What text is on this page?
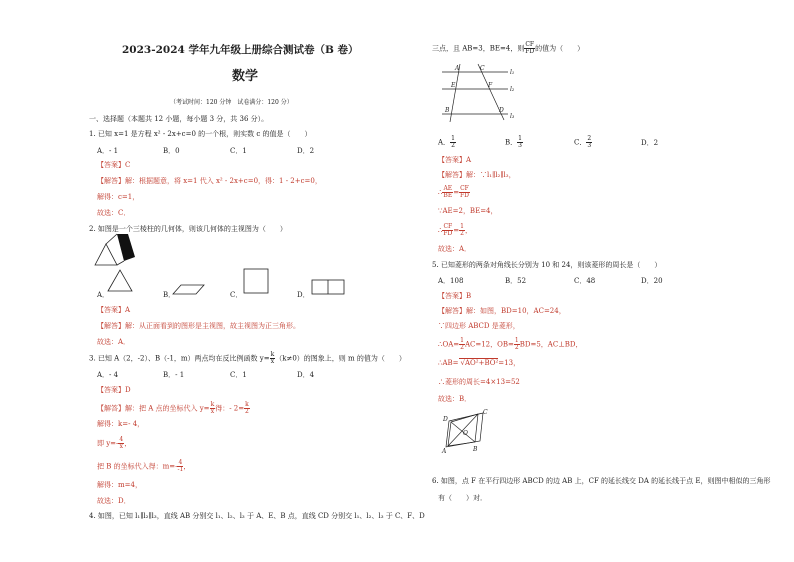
2023-2024 学年九年级上册综合测试卷（B 卷）
数学
（考试时间：120 分钟　试卷满分：120 分）
一、选择题（本题共 12 小题，每小题 3 分，共 36 分）。
1. 已知 x=1 是方程 x² - 2x+c=0 的一个根，则实数 c 的值是（　　）
A．- 1	B．0	C．1	D．2
【答案】C
【解答】解：根据题意，将 x=1 代入 x² - 2x+c=0，得：1 - 2+c=0，
解得：c=1，
故选：C．
2. 如图是一个三棱柱的几何体，则该几何体的主视图为（　　）
A．	B．	C．	D．
【答案】A
【解答】解：从正面看到的图形是主视图，故主视图为正三角形。
故选：A．
3. 已知 A（2，-2）、B（-1，m）两点均在反比例函数 $y= \frac{k}{x} (k\ne 0)$的图象上，则 m 的值为（　　）
A．- 4	B．- 1	C．1	D．4
【答案】D
【解答】解：把 A 点的坐标代入 $y= \frac{k}{x}$ 得：- $2= \frac{k}{2}$
解得：k=- 4，
即 $y=- \frac{4}{x}$ ，
把 B 的坐标代入得：$m=- \frac{4}{-1}$ ，
解得：m=4，
故选：D．
4. 如图，已知 l₁∥l₂∥l₃，直线 AB 分别交 l₁、l₂、l₃ 于 A、E、B 点，直线 CD 分别交 l₁、l₂、l₃ 于 C、F、D
三点，且 AB=3，BE=4，则 $\frac{CF}{FD}$ 的值为（　　）
A	C
l₁
E	F
l₂
B	D
l₃
A． $\frac{1}{2}$	B． $\frac{1}{3}$	C． $\frac{2}{3}$	D．2
【答案】A
【解答】解：∵l₁∥l₂∥l₃，
∴ $\frac{AE}{BE} = \frac{CF}{FD}$
∵AE=2，BE=4，
∴ $\frac{CF}{FD} = \frac{1}{2}$ ，
故选：A．
5. 已知菱形的两条对角线长分别为 10 和 24，则该菱形的周长是（　　）
A．108	B．52	C．48	D．20
【答案】B
【解答】解：如图，BD=10，AC=24，
∵四边形 ABCD 是菱形，
∴OA= $\frac{1}{2} AC=12$，$OB= \frac{1}{2} BD=5$，AC⊥BD，
∴AB= √AO²+BO²=13，
∴菱形的周长=4×13=52
故选：B．
D
C
O
A	B
6. 如图，点 F 在平行四边形 ABCD 的边 AB 上，CF 的延长线交 DA 的延长线于点 E，则图中相似的三角形
有（　　）对．
